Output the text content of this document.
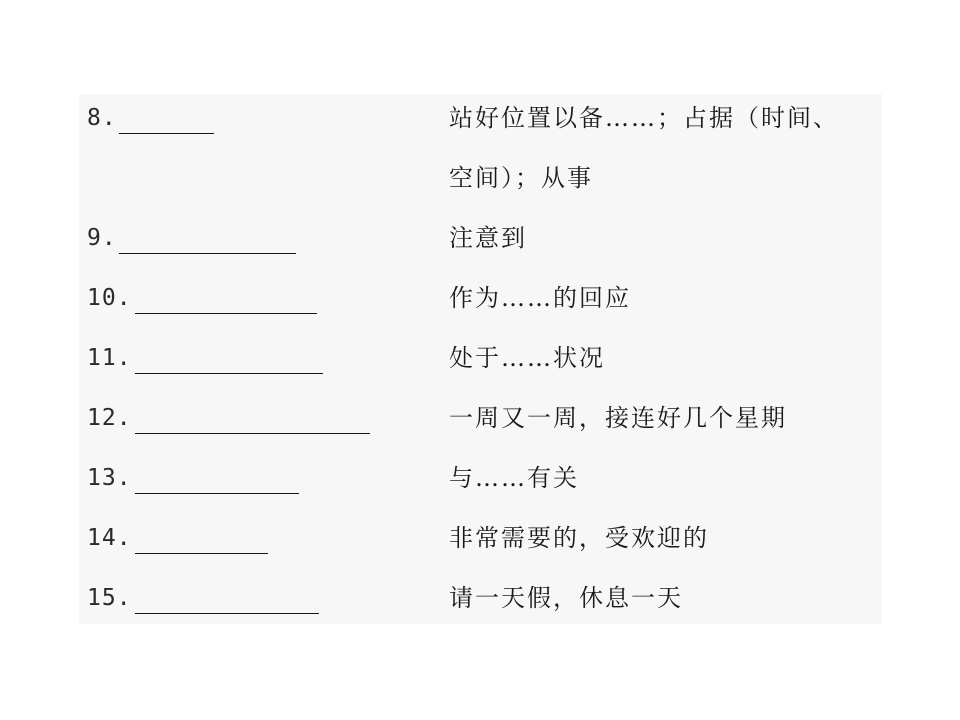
8.	站好位置以备……；占据（时间、
空间）；从事
9.	注意到
10.	作为……的回应
11.	处于……状况
12.	一周又一周，接连好几个星期
13.	与……有关
14.	非常需要的，受欢迎的
15.	请一天假，休息一天
